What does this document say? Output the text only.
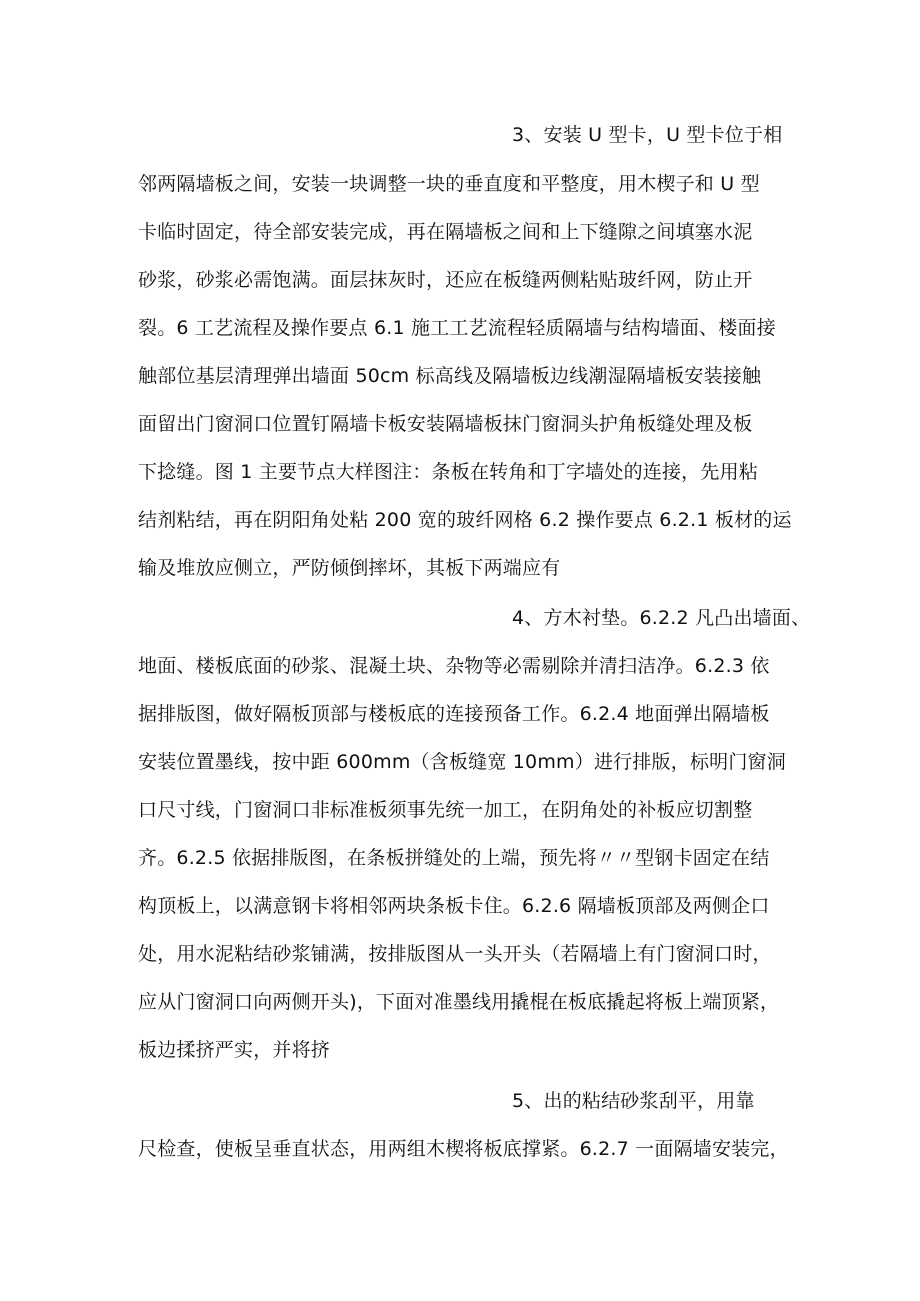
3、安装 U 型卡，U 型卡位于相
邻两隔墙板之间，安装一块调整一块的垂直度和平整度，用木楔子和 U 型
卡临时固定，待全部安装完成，再在隔墙板之间和上下缝隙之间填塞水泥
砂浆，砂浆必需饱满。面层抹灰时，还应在板缝两侧粘贴玻纤网，防止开
裂。6 工艺流程及操作要点 6.1 施工工艺流程轻质隔墙与结构墙面、楼面接
触部位基层清理弹出墙面 50cm 标高线及隔墙板边线潮湿隔墙板安装接触
面留出门窗洞口位置钉隔墙卡板安装隔墙板抹门窗洞头护角板缝处理及板
下捻缝。图 1 主要节点大样图注：条板在转角和丁字墙处的连接，先用粘
结剂粘结，再在阴阳角处粘 200 宽的玻纤网格 6.2 操作要点 6.2.1 板材的运
输及堆放应侧立，严防倾倒摔坏，其板下两端应有
4、方木衬垫。6.2.2 凡凸出墙面、
地面、楼板底面的砂浆、混凝土块、杂物等必需剔除并清扫洁净。6.2.3 依
据排版图，做好隔板顶部与楼板底的连接预备工作。6.2.4 地面弹出隔墙板
安装位置墨线，按中距 600mm（含板缝宽 10mm）进行排版，标明门窗洞
口尺寸线，门窗洞口非标准板须事先统一加工，在阴角处的补板应切割整
齐。6.2.5 依据排版图，在条板拼缝处的上端，预先将〃〃型钢卡固定在结
构顶板上，以满意钢卡将相邻两块条板卡住。6.2.6 隔墙板顶部及两侧企口
处，用水泥粘结砂浆铺满，按排版图从一头开头（若隔墙上有门窗洞口时，
应从门窗洞口向两侧开头)，下面对准墨线用撬棍在板底撬起将板上端顶紧，
板边揉挤严实，并将挤
5、出的粘结砂浆刮平，用靠
尺检查，使板呈垂直状态，用两组木楔将板底撑紧。6.2.7 一面隔墙安装完，
